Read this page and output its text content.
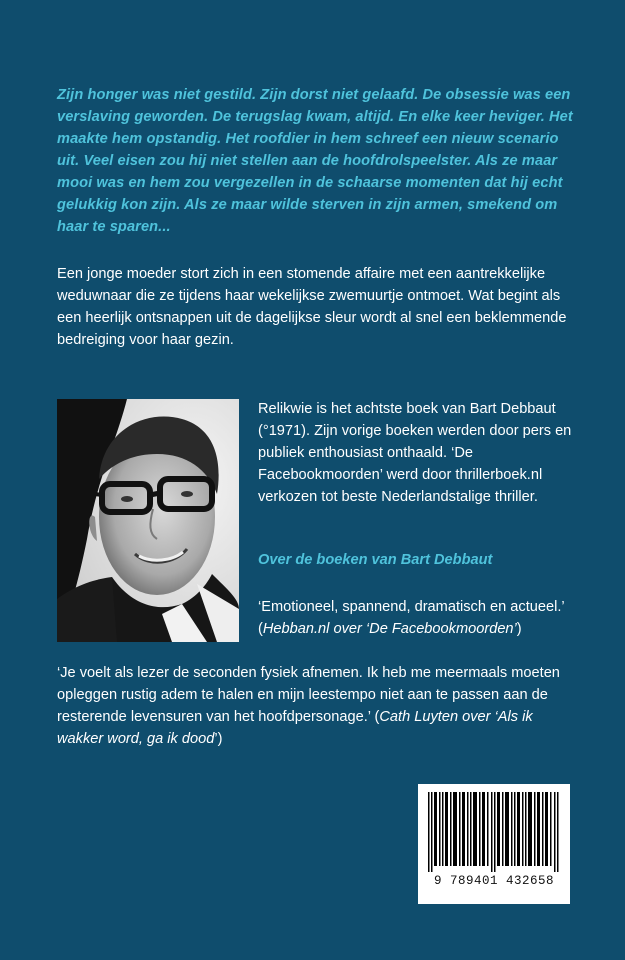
Zijn honger was niet gestild. Zijn dorst niet gelaafd. De obsessie was een verslaving geworden. De terugslag kwam, altijd. En elke keer heviger. Het maakte hem opstandig. Het roofdier in hem schreef een nieuw scenario uit. Veel eisen zou hij niet stellen aan de hoofdrolspeelster. Als ze maar mooi was en hem zou vergezellen in de schaarse momenten dat hij echt gelukkig kon zijn. Als ze maar wilde sterven in zijn armen, smekend om haar te sparen...

Een jonge moeder stort zich in een stomende affaire met een aantrekkelijke weduwnaar die ze tijdens haar wekelijkse zwemuurtje ontmoet. Wat begint als een heerlijk ontsnappen uit de dagelijkse sleur wordt al snel een beklemmende bedreiging voor haar gezin.

Relikwie is het achtste boek van Bart Debbaut (°1971). Zijn vorige boeken werden door pers en publiek enthousiast onthaald. ‘De Facebookmoorden’ werd door thrillerboek.nl verkozen tot beste Nederlandstalige thriller.

Over de boeken van Bart Debbaut

‘Emotioneel, spannend, dramatisch en actueel.’
(Hebban.nl over ‘De Facebookmoorden’)

‘Je voelt als lezer de seconden fysiek afnemen. Ik heb me meermaals moeten opleggen rustig adem te halen en mijn leestempo niet aan te passen aan de resterende levensuren van het hoofdpersonage.’ (Cath Luyten over ‘Als ik wakker word, ga ik dood’)

9 789401 432658
